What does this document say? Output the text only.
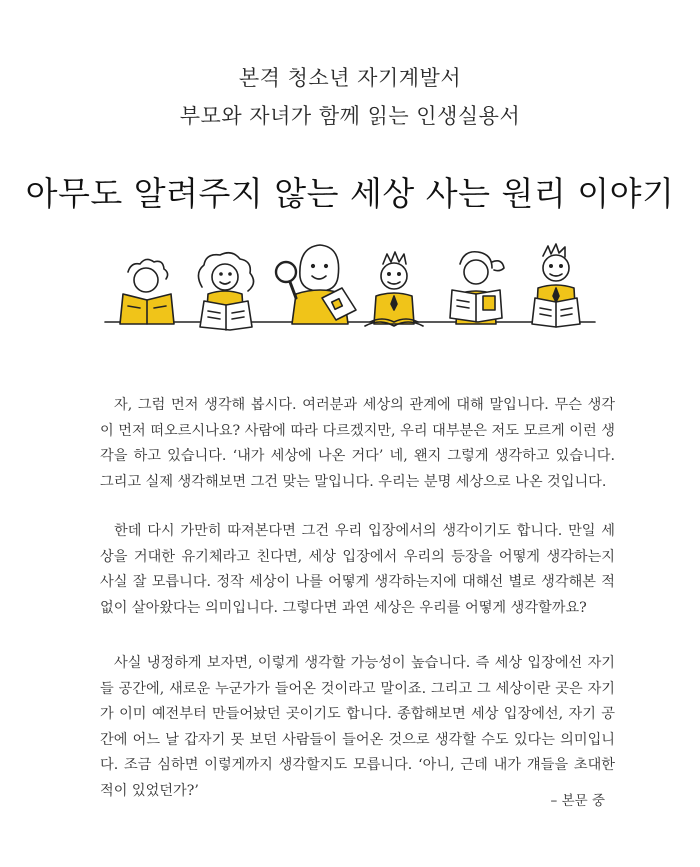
본격 청소년 자기계발서
부모와 자녀가 함께 읽는 인생실용서
아무도 알려주지 않는 세상 사는 원리 이야기

자, 그럼 먼저 생각해 봅시다. 여러분과 세상의 관계에 대해 말입니다. 무슨 생각이 먼저 떠오르시나요? 사람에 따라 다르겠지만, 우리 대부분은 저도 모르게 이런 생각을 하고 있습니다. ‘내가 세상에 나온 거다’ 네, 왠지 그렇게 생각하고 있습니다. 그리고 실제 생각해보면 그건 맞는 말입니다. 우리는 분명 세상으로 나온 것입니다.

한데 다시 가만히 따져본다면 그건 우리 입장에서의 생각이기도 합니다. 만일 세상을 거대한 유기체라고 친다면, 세상 입장에서 우리의 등장을 어떻게 생각하는지 사실 잘 모릅니다. 정작 세상이 나를 어떻게 생각하는지에 대해선 별로 생각해본 적 없이 살아왔다는 의미입니다. 그렇다면 과연 세상은 우리를 어떻게 생각할까요?

사실 냉정하게 보자면, 이렇게 생각할 가능성이 높습니다. 즉 세상 입장에선 자기들 공간에, 새로운 누군가가 들어온 것이라고 말이죠. 그리고 그 세상이란 곳은 자기가 이미 예전부터 만들어놨던 곳이기도 합니다. 종합해보면 세상 입장에선, 자기 공간에 어느 날 갑자기 못 보던 사람들이 들어온 것으로 생각할 수도 있다는 의미입니다. 조금 심하면 이렇게까지 생각할지도 모릅니다. ‘아니, 근데 내가 걔들을 초대한 적이 있었던가?’

– 본문 중
